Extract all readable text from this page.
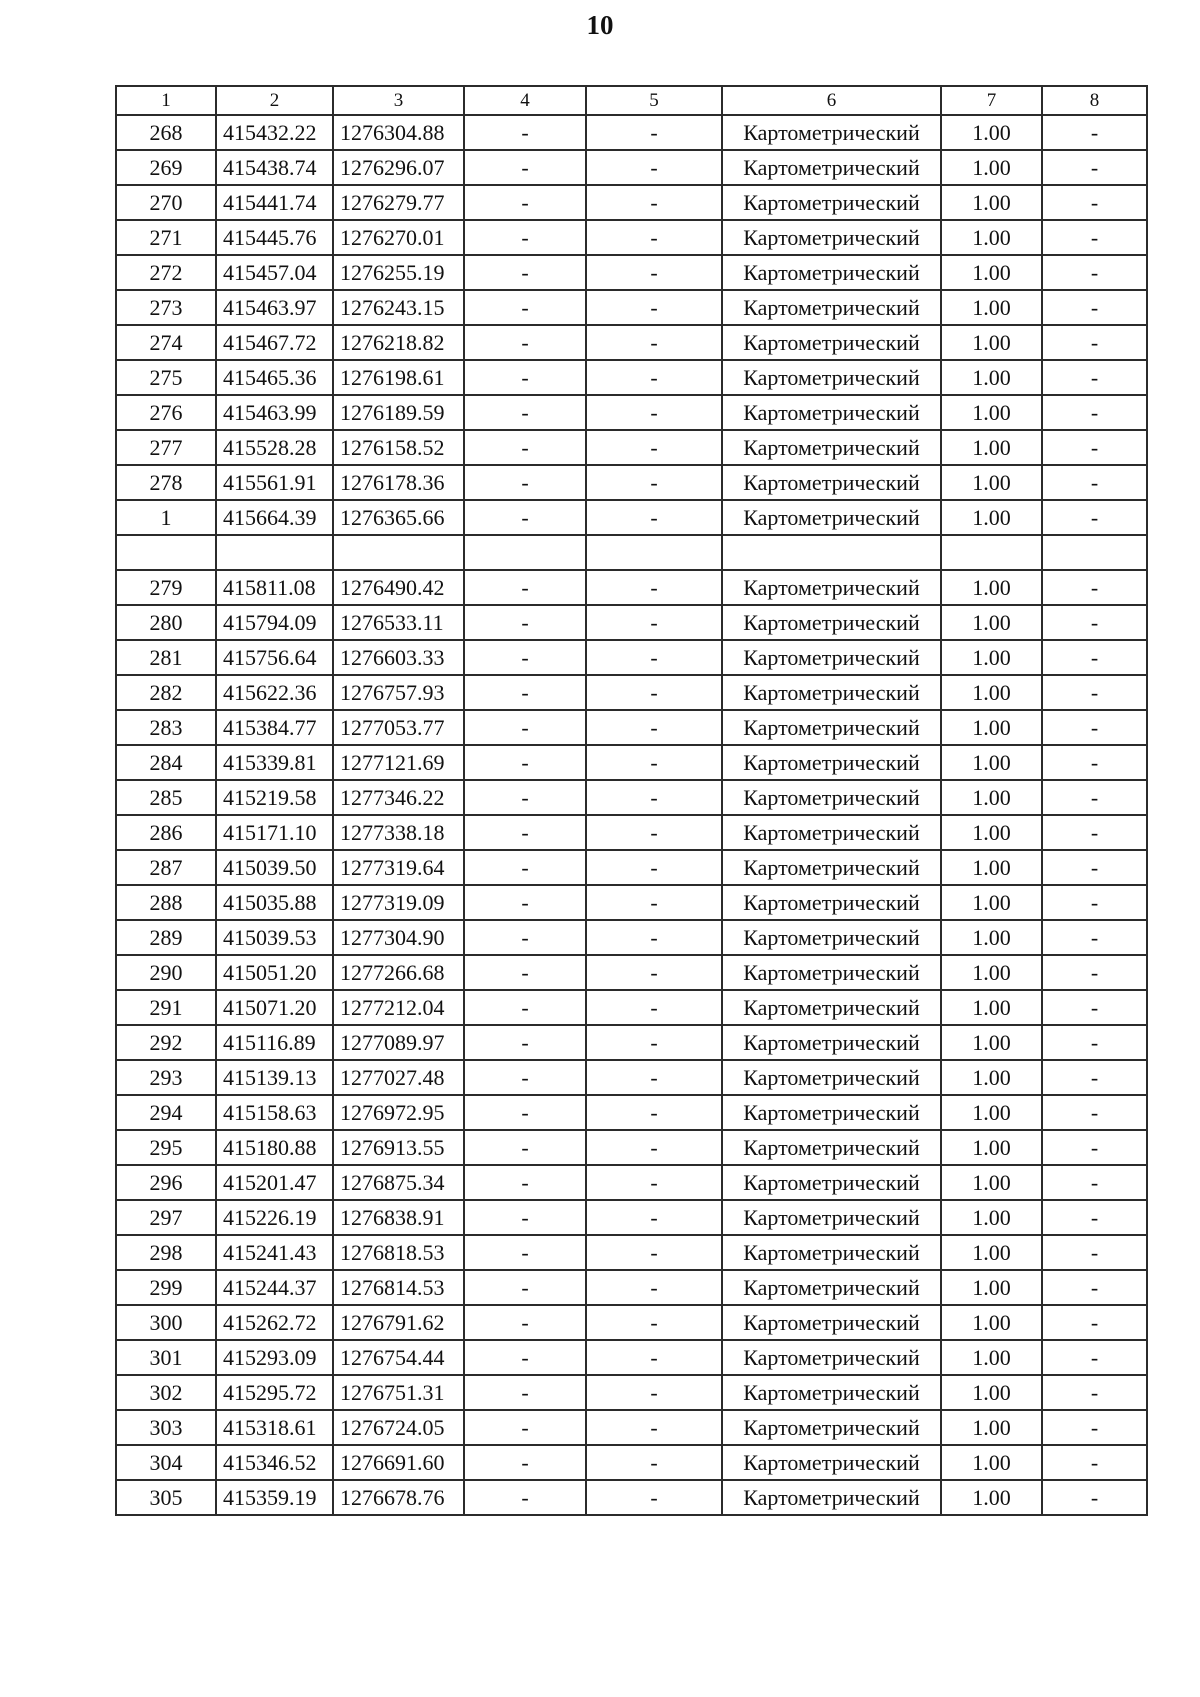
10
1	2	3	4	5	6	7	8
268	415432.22	1276304.88	-	-	Картометрический	1.00	-
269	415438.74	1276296.07	-	-	Картометрический	1.00	-
270	415441.74	1276279.77	-	-	Картометрический	1.00	-
271	415445.76	1276270.01	-	-	Картометрический	1.00	-
272	415457.04	1276255.19	-	-	Картометрический	1.00	-
273	415463.97	1276243.15	-	-	Картометрический	1.00	-
274	415467.72	1276218.82	-	-	Картометрический	1.00	-
275	415465.36	1276198.61	-	-	Картометрический	1.00	-
276	415463.99	1276189.59	-	-	Картометрический	1.00	-
277	415528.28	1276158.52	-	-	Картометрический	1.00	-
278	415561.91	1276178.36	-	-	Картометрический	1.00	-
1	415664.39	1276365.66	-	-	Картометрический	1.00	-

279	415811.08	1276490.42	-	-	Картометрический	1.00	-
280	415794.09	1276533.11	-	-	Картометрический	1.00	-
281	415756.64	1276603.33	-	-	Картометрический	1.00	-
282	415622.36	1276757.93	-	-	Картометрический	1.00	-
283	415384.77	1277053.77	-	-	Картометрический	1.00	-
284	415339.81	1277121.69	-	-	Картометрический	1.00	-
285	415219.58	1277346.22	-	-	Картометрический	1.00	-
286	415171.10	1277338.18	-	-	Картометрический	1.00	-
287	415039.50	1277319.64	-	-	Картометрический	1.00	-
288	415035.88	1277319.09	-	-	Картометрический	1.00	-
289	415039.53	1277304.90	-	-	Картометрический	1.00	-
290	415051.20	1277266.68	-	-	Картометрический	1.00	-
291	415071.20	1277212.04	-	-	Картометрический	1.00	-
292	415116.89	1277089.97	-	-	Картометрический	1.00	-
293	415139.13	1277027.48	-	-	Картометрический	1.00	-
294	415158.63	1276972.95	-	-	Картометрический	1.00	-
295	415180.88	1276913.55	-	-	Картометрический	1.00	-
296	415201.47	1276875.34	-	-	Картометрический	1.00	-
297	415226.19	1276838.91	-	-	Картометрический	1.00	-
298	415241.43	1276818.53	-	-	Картометрический	1.00	-
299	415244.37	1276814.53	-	-	Картометрический	1.00	-
300	415262.72	1276791.62	-	-	Картометрический	1.00	-
301	415293.09	1276754.44	-	-	Картометрический	1.00	-
302	415295.72	1276751.31	-	-	Картометрический	1.00	-
303	415318.61	1276724.05	-	-	Картометрический	1.00	-
304	415346.52	1276691.60	-	-	Картометрический	1.00	-
305	415359.19	1276678.76	-	-	Картометрический	1.00	-
